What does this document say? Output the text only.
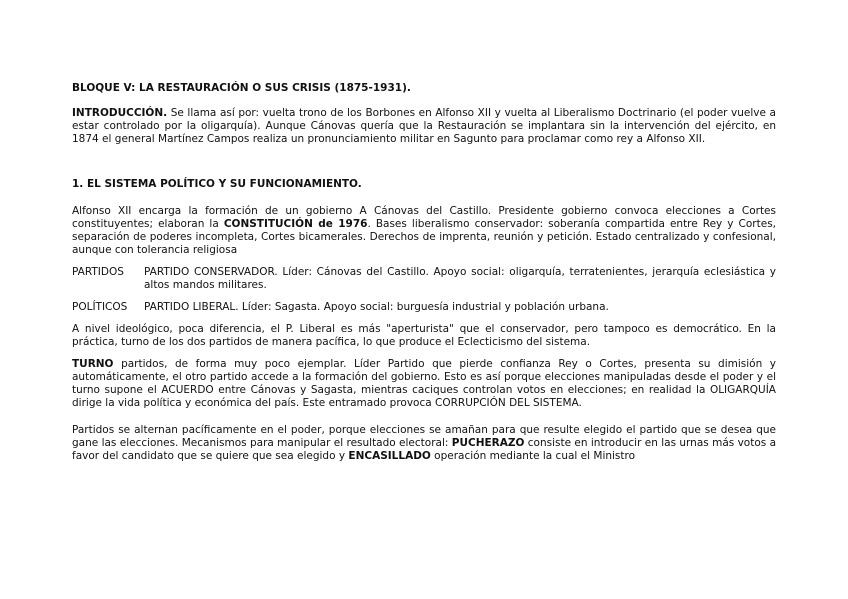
BLOQUE V: LA RESTAURACIÓN O SUS CRISIS (1875-1931).

INTRODUCCIÓN. Se llama así por: vuelta trono de los Borbones en Alfonso XII y vuelta al Liberalismo Doctrinario (el poder vuelve a estar controlado por la oligarquía). Aunque Cánovas quería que la Restauración se implantara sin la intervención del ejército, en 1874 el general Martínez Campos realiza un pronunciamiento militar en Sagunto para proclamar como rey a Alfonso XII.

1. EL SISTEMA POLÍTICO Y SU FUNCIONAMIENTO.

Alfonso XII encarga la formación de un gobierno A Cánovas del Castillo. Presidente gobierno convoca elecciones a Cortes constituyentes; elaboran la CONSTITUCIÓN de 1976. Bases liberalismo conservador: soberanía compartida entre Rey y Cortes, separación de poderes incompleta, Cortes bicamerales. Derechos de imprenta, reunión y petición. Estado centralizado y confesional, aunque con tolerancia religiosa

PARTIDOS	PARTIDO CONSERVADOR. Líder: Cánovas del Castillo. Apoyo social: oligarquía, terratenientes, jerarquía eclesiástica y altos mandos militares.
POLÍTICOS	PARTIDO LIBERAL. Líder: Sagasta. Apoyo social: burguesía industrial y población urbana.

A nivel ideológico, poca diferencia, el P. Liberal es más "aperturista" que el conservador, pero tampoco es democrático. En la práctica, turno de los dos partidos de manera pacífica, lo que produce el Eclecticismo del sistema.

TURNO partidos, de forma muy poco ejemplar. Líder Partido que pierde confianza Rey o Cortes, presenta su dimisión y automáticamente, el otro partido accede a la formación del gobierno. Esto es así porque elecciones manipuladas desde el poder y el turno supone el ACUERDO entre Cánovas y Sagasta, mientras caciques controlan votos en elecciones; en realidad la OLIGARQUÍA dirige la vida política y económica del país. Este entramado provoca CORRUPCIÓN DEL SISTEMA.

Partidos se alternan pacíficamente en el poder, porque elecciones se amañan para que resulte elegido el partido que se desea que gane las elecciones. Mecanismos para manipular el resultado electoral: PUCHERAZO consiste en introducir en las urnas más votos a favor del candidato que se quiere que sea elegido y ENCASILLADO operación mediante la cual el Ministro
